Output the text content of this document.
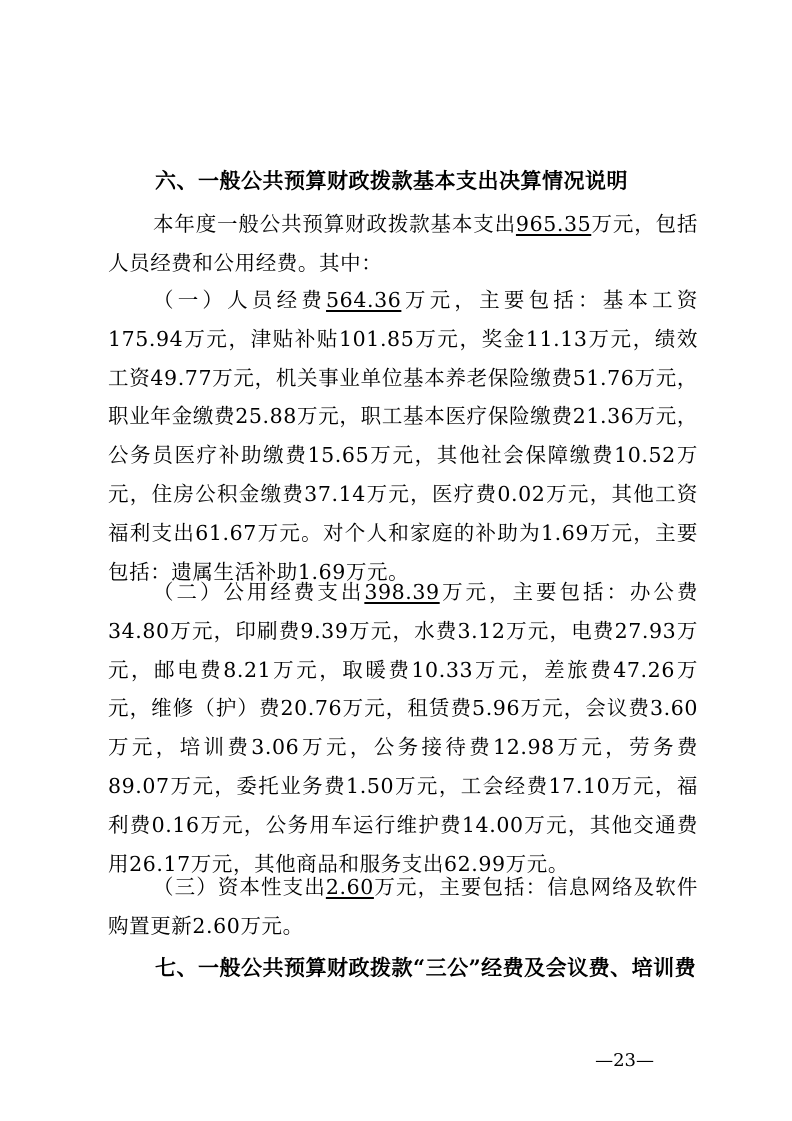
六、一般公共预算财政拨款基本支出决算情况说明
本年度一般公共预算财政拨款基本支出965.35万元，包括人员经费和公用经费。其中：
（一）人员经费564.36万元，主要包括：基本工资175.94万元，津贴补贴101.85万元，奖金11.13万元，绩效工资49.77万元，机关事业单位基本养老保险缴费51.76万元，职业年金缴费25.88万元，职工基本医疗保险缴费21.36万元，公务员医疗补助缴费15.65万元，其他社会保障缴费10.52万元，住房公积金缴费37.14万元，医疗费0.02万元，其他工资福利支出61.67万元。对个人和家庭的补助为1.69万元，主要包括：遗属生活补助1.69万元。
（二）公用经费支出398.39万元，主要包括：办公费34.80万元，印刷费9.39万元，水费3.12万元，电费27.93万元，邮电费8.21万元，取暖费10.33万元，差旅费47.26万元，维修（护）费20.76万元，租赁费5.96万元，会议费3.60万元，培训费3.06万元，公务接待费12.98万元，劳务费89.07万元，委托业务费1.50万元，工会经费17.10万元，福利费0.16万元，公务用车运行维护费14.00万元，其他交通费用26.17万元，其他商品和服务支出62.99万元。
（三）资本性支出2.60万元，主要包括：信息网络及软件购置更新2.60万元。
七、一般公共预算财政拨款“三公”经费及会议费、培训费
—23—
